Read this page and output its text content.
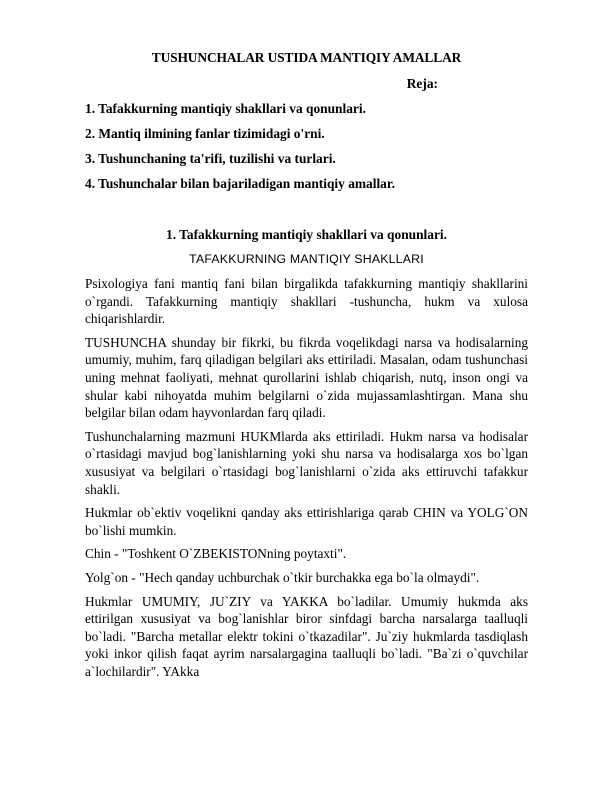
TUSHUNCHALAR USTIDA MANTIQIY AMALLAR
Reja:
1. Tafakkurning mantiqiy shakllari va qonunlari.
2. Mantiq ilmining fanlar tizimidagi o'rni.
3. Tushunchaning ta'rifi, tuzilishi va turlari.
4. Tushunchalar bilan bajariladigan mantiqiy amallar.
1. Tafakkurning mantiqiy shakllari va qonunlari.
TAFAKKURNING MANTIQIY SHAKLLARI

Psixologiya fani mantiq fani bilan birgalikda tafakkurning mantiqiy shakllarini o`rgandi. Tafakkurning mantiqiy shakllari -tushuncha, hukm va xulosa chiqarishlardir.

TUSHUNCHA shunday bir fikrki, bu fikrda voqelikdagi narsa va hodisalarning umumiy, muhim, farq qiladigan belgilari aks ettiriladi. Masalan, odam tushunchasi uning mehnat faoliyati, mehnat qurollarini ishlab chiqarish, nutq, inson ongi va shular kabi nihoyatda muhim belgilarni o`zida mujassamlashtirgan. Mana shu belgilar bilan odam hayvonlardan farq qiladi.

Tushunchalarning mazmuni HUKMlarda aks ettiriladi. Hukm narsa va hodisalar o`rtasidagi mavjud bog`lanishlarning yoki shu narsa va hodisalarga xos bo`lgan xususiyat va belgilari o`rtasidagi bog`lanishlarni o`zida aks ettiruvchi tafakkur shakli.

Hukmlar ob`ektiv voqelikni qanday aks ettirishlariga qarab CHIN va YOLG`ON bo`lishi mumkin.

Chin - "Toshkent O`ZBEKISTONning poytaxti".

Yolg`on - "Hech qanday uchburchak o`tkir burchakka ega bo`la olmaydi".

Hukmlar UMUMIY, JU`ZIY va YAKKA bo`ladilar. Umumiy hukmda aks ettirilgan xususiyat va bog`lanishlar biror sinfdagi barcha narsalarga taalluqli bo`ladi. "Barcha metallar elektr tokini o`tkazadilar". Ju`ziy hukmlarda tasdiqlash yoki inkor qilish faqat ayrim narsalargagina taalluqli bo`ladi. "Ba`zi o`quvchilar a`lochilardir". YAkka
